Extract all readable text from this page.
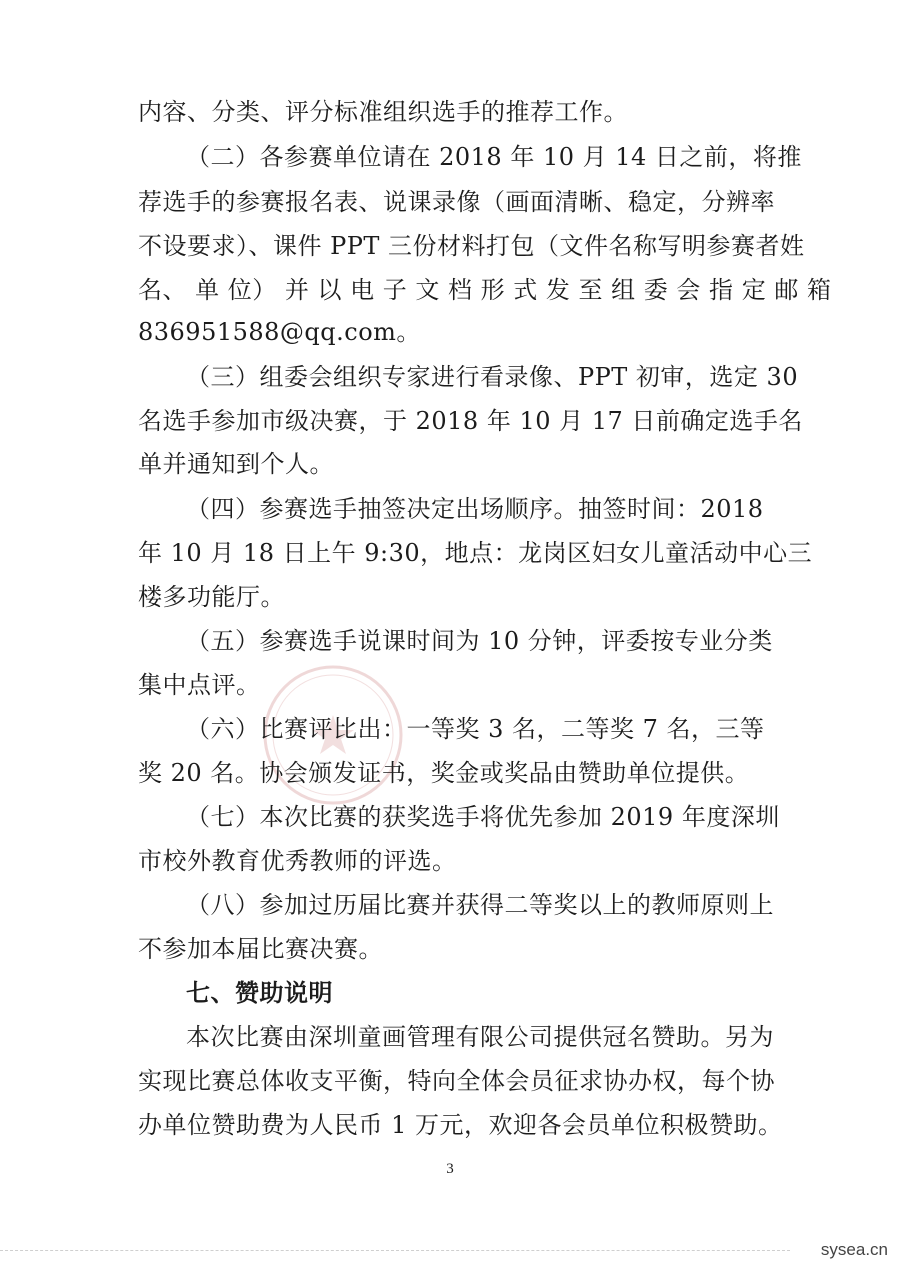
内容、分类、评分标准组织选手的推荐工作。
（二）各参赛单位请在 2018 年 10 月 14 日之前，将推
荐选手的参赛报名表、说课录像（画面清晰、稳定，分辨率
不设要求）、课件 PPT 三份材料打包（文件名称写明参赛者姓
名、 单 位） 并 以 电 子 文 档 形 式 发 至 组 委 会 指 定 邮 箱
836951588@qq.com。
（三）组委会组织专家进行看录像、PPT 初审，选定 30
名选手参加市级决赛，于 2018 年 10 月 17 日前确定选手名
单并通知到个人。
（四）参赛选手抽签决定出场顺序。抽签时间：2018
年 10 月 18 日上午 9:30，地点：龙岗区妇女儿童活动中心三
楼多功能厅。
（五）参赛选手说课时间为 10 分钟，评委按专业分类
集中点评。
（六）比赛评比出：一等奖 3 名，二等奖 7 名，三等
奖 20 名。协会颁发证书，奖金或奖品由赞助单位提供。
（七）本次比赛的获奖选手将优先参加 2019 年度深圳
市校外教育优秀教师的评选。
（八）参加过历届比赛并获得二等奖以上的教师原则上
不参加本届比赛决赛。
七、赞助说明
本次比赛由深圳童画管理有限公司提供冠名赞助。另为
实现比赛总体收支平衡，特向全体会员征求协办权，每个协
办单位赞助费为人民币 1 万元，欢迎各会员单位积极赞助。
3
sysea.cn
